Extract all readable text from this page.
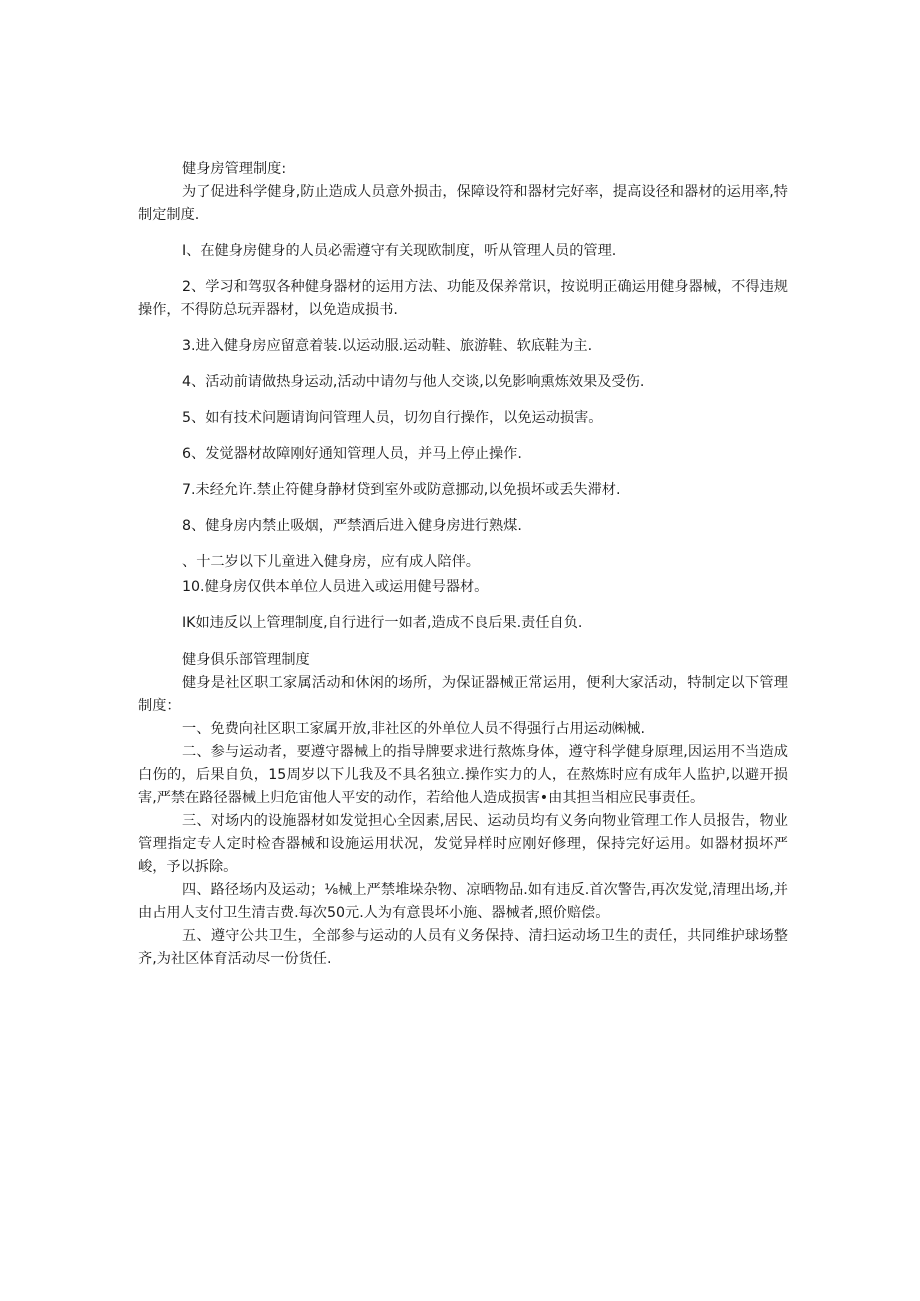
健身房管理制度:

为了促进科学健身,防止造成人员意外损击，保障设符和器材完好率，提高设径和器材的运用率,特制定制度.

I、在健身房健身的人员必需遵守有关现欧制度，听从管理人员的管理.

2、学习和驾驭各种健身器材的运用方法、功能及保养常识，按说明正确运用健身器械，不得违规操作，不得防总玩弄器材，以免造成损书.

3.进入健身房应留意着装.以运动服.运动鞋、旅游鞋、软底鞋为主.

4、活动前请做热身运动,活动中请勿与他人交谈,以免影响熏炼效果及受伤.

5、如有技术问题请询问管理人员，切勿自行操作，以免运动损害。

6、发觉器材故障刚好通知管理人员，并马上停止操作.

7.未经允许.禁止符健身静材贷到室外或防意挪动,以免损坏或丢失滞材.

8、健身房内禁止吸烟，严禁酒后进入健身房进行熟煤.

、十二岁以下儿童进入健身房，应有成人陪伴。

10.健身房仅供本单位人员进入或运用健号器材。

IK如违反以上管理制度,自行进行一如者,造成不良后果.责任自负.

健身俱乐部管理制度

健身是社区职工家属活动和休闲的场所，为保证器械正常运用，便利大家活动，特制定以下管理制度：

一、免费向社区职工家属开放,非社区的外单位人员不得强行占用运动㈱械.

二、参与运动者，要遵守器械上的指导牌要求进行熬炼身体，遵守科学健身原理,因运用不当造成白伤的，后果自负，15周岁以下儿我及不具名独立.操作实力的人，在熬炼时应有成年人监护,以避开损害,严禁在路径器械上归危宙他人平安的动作，若给他人造成损害•由其担当相应民事责任。

三、对场内的设施器材如发觉担心全因素,居民、运动员均有义务向物业管理工作人员报告，物业管理指定专人定时检杳器械和设施运用状况，发觉异样时应刚好修理，保持完好运用。如器材损坏严峻，予以拆除。

四、路径场内及运动；⅛械上严禁堆垛杂物、凉晒物品.如有违反.首次警告,再次发觉,清理出场,并由占用人支付卫生清吉费.每次50元.人为有意畏坏小施、器械者,照价赔偿。

五、遵守公共卫生，全部参与运动的人员有义务保持、清扫运动场卫生的责任，共同维护球场整齐,为社区体育活动尽一份货任.
